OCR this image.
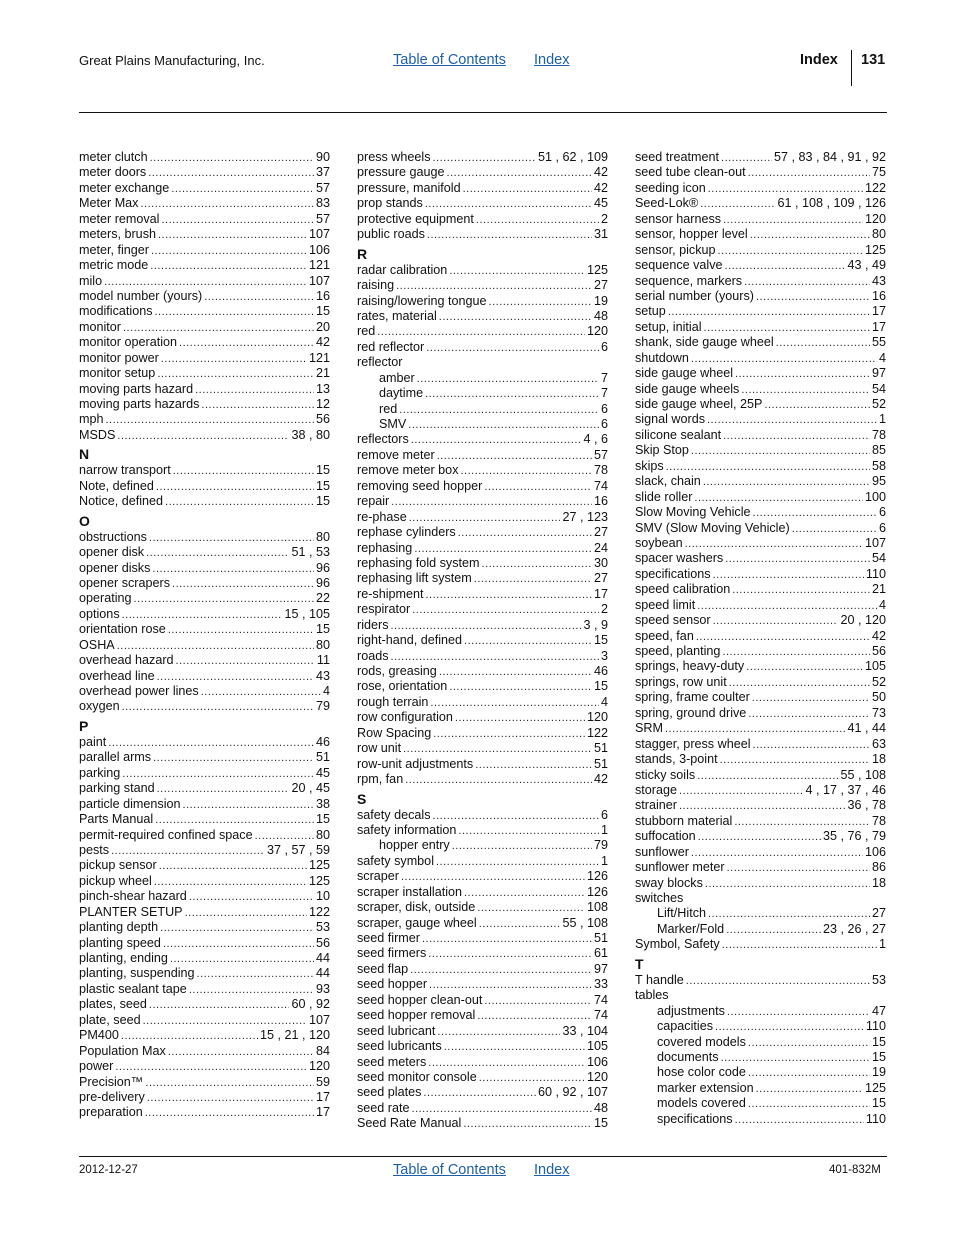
Great Plains Manufacturing, Inc.	Table of Contents Index	Index 131
meter clutch .....	90
meter doors .....	37
meter exchange .....	57
Meter Max .....	83
meter removal .....	57
meters, brush .....	107
meter, finger .....	106
metric mode .....	121
milo .....	107
model number (yours) .....	16
modifications .....	15
monitor .....	20
monitor operation .....	42
monitor power .....	121
monitor setup .....	21
moving parts hazard .....	13
moving parts hazards .....	12
mph .....	56
MSDS .....	38 , 80
N
narrow transport .....	15
Note, defined .....	15
Notice, defined .....	15
O
obstructions .....	80
opener disk .....	51 , 53
opener disks .....	96
opener scrapers .....	96
operating .....	22
options .....	15 , 105
orientation rose .....	15
OSHA .....	80
overhead hazard .....	11
overhead line .....	43
overhead power lines .....	4
oxygen .....	79
P
paint .....	46
parallel arms .....	51
parking .....	45
parking stand .....	20 , 45
particle dimension .....	38
Parts Manual .....	15
permit-required confined space .....	80
pests .....	37 , 57 , 59
pickup sensor .....	125
pickup wheel .....	125
pinch-shear hazard .....	10
PLANTER SETUP .....	122
planting depth .....	53
planting speed .....	56
planting, ending .....	44
planting, suspending .....	44
plastic sealant tape .....	93
plates, seed .....	60 , 92
plate, seed .....	107
PM400 .....	15 , 21 , 120
Population Max .....	84
power .....	120
Precision™ .....	59
pre-delivery .....	17
preparation .....	17
press wheels .....	51 , 62 , 109
pressure gauge .....	42
pressure, manifold .....	42
prop stands .....	45
protective equipment .....	2
public roads .....	31
R
radar calibration .....	125
raising .....	27
raising/lowering tongue .....	19
rates, material .....	48
red .....	120
red reflector .....	6
reflector
amber .....	7
daytime .....	7
red .....	6
SMV .....	6
reflectors .....	4 , 6
remove meter .....	57
remove meter box .....	78
removing seed hopper .....	74
repair .....	16
re-phase .....	27 , 123
rephase cylinders .....	27
rephasing .....	24
rephasing fold system .....	30
rephasing lift system .....	27
re-shipment .....	17
respirator .....	2
riders .....	3 , 9
right-hand, defined .....	15
roads .....	3
rods, greasing .....	46
rose, orientation .....	15
rough terrain .....	4
row configuration .....	120
Row Spacing .....	122
row unit .....	51
row-unit adjustments .....	51
rpm, fan .....	42
S
safety decals .....	6
safety information .....	1
hopper entry .....	79
safety symbol .....	1
scraper .....	126
scraper installation .....	126
scraper, disk, outside .....	108
scraper, gauge wheel .....	55 , 108
seed firmer .....	51
seed firmers .....	61
seed flap .....	97
seed hopper .....	33
seed hopper clean-out .....	74
seed hopper removal .....	74
seed lubricant .....	33 , 104
seed lubricants .....	105
seed meters .....	106
seed monitor console .....	120
seed plates .....	60 , 92 , 107
seed rate .....	48
Seed Rate Manual .....	15
seed treatment .....	57 , 83 , 84 , 91 , 92
seed tube clean-out .....	75
seeding icon .....	122
Seed-Lok® .....	61 , 108 , 109 , 126
sensor harness .....	120
sensor, hopper level .....	80
sensor, pickup .....	125
sequence valve .....	43 , 49
sequence, markers .....	43
serial number (yours) .....	16
setup .....	17
setup, initial .....	17
shank, side gauge wheel .....	55
shutdown .....	4
side gauge wheel .....	97
side gauge wheels .....	54
side gauge wheel, 25P .....	52
signal words .....	1
silicone sealant .....	78
Skip Stop .....	85
skips .....	58
slack, chain .....	95
slide roller .....	100
Slow Moving Vehicle .....	6
SMV (Slow Moving Vehicle) .....	6
soybean .....	107
spacer washers .....	54
specifications .....	110
speed calibration .....	21
speed limit .....	4
speed sensor .....	20 , 120
speed, fan .....	42
speed, planting .....	56
springs, heavy-duty .....	105
springs, row unit .....	52
spring, frame coulter .....	50
spring, ground drive .....	73
SRM .....	41 , 44
stagger, press wheel .....	63
stands, 3-point .....	18
sticky soils .....	55 , 108
storage .....	4 , 17 , 37 , 46
strainer .....	36 , 78
stubborn material .....	78
suffocation .....	35 , 76 , 79
sunflower .....	106
sunflower meter .....	86
sway blocks .....	18
switches
Lift/Hitch .....	27
Marker/Fold .....	23 , 26 , 27
Symbol, Safety .....	1
T
T handle .....	53
tables
adjustments .....	47
capacities .....	110
covered models .....	15
documents .....	15
hose color code .....	19
marker extension .....	125
models covered .....	15
specifications .....	110
2012-12-27	Table of Contents Index	401-832M
